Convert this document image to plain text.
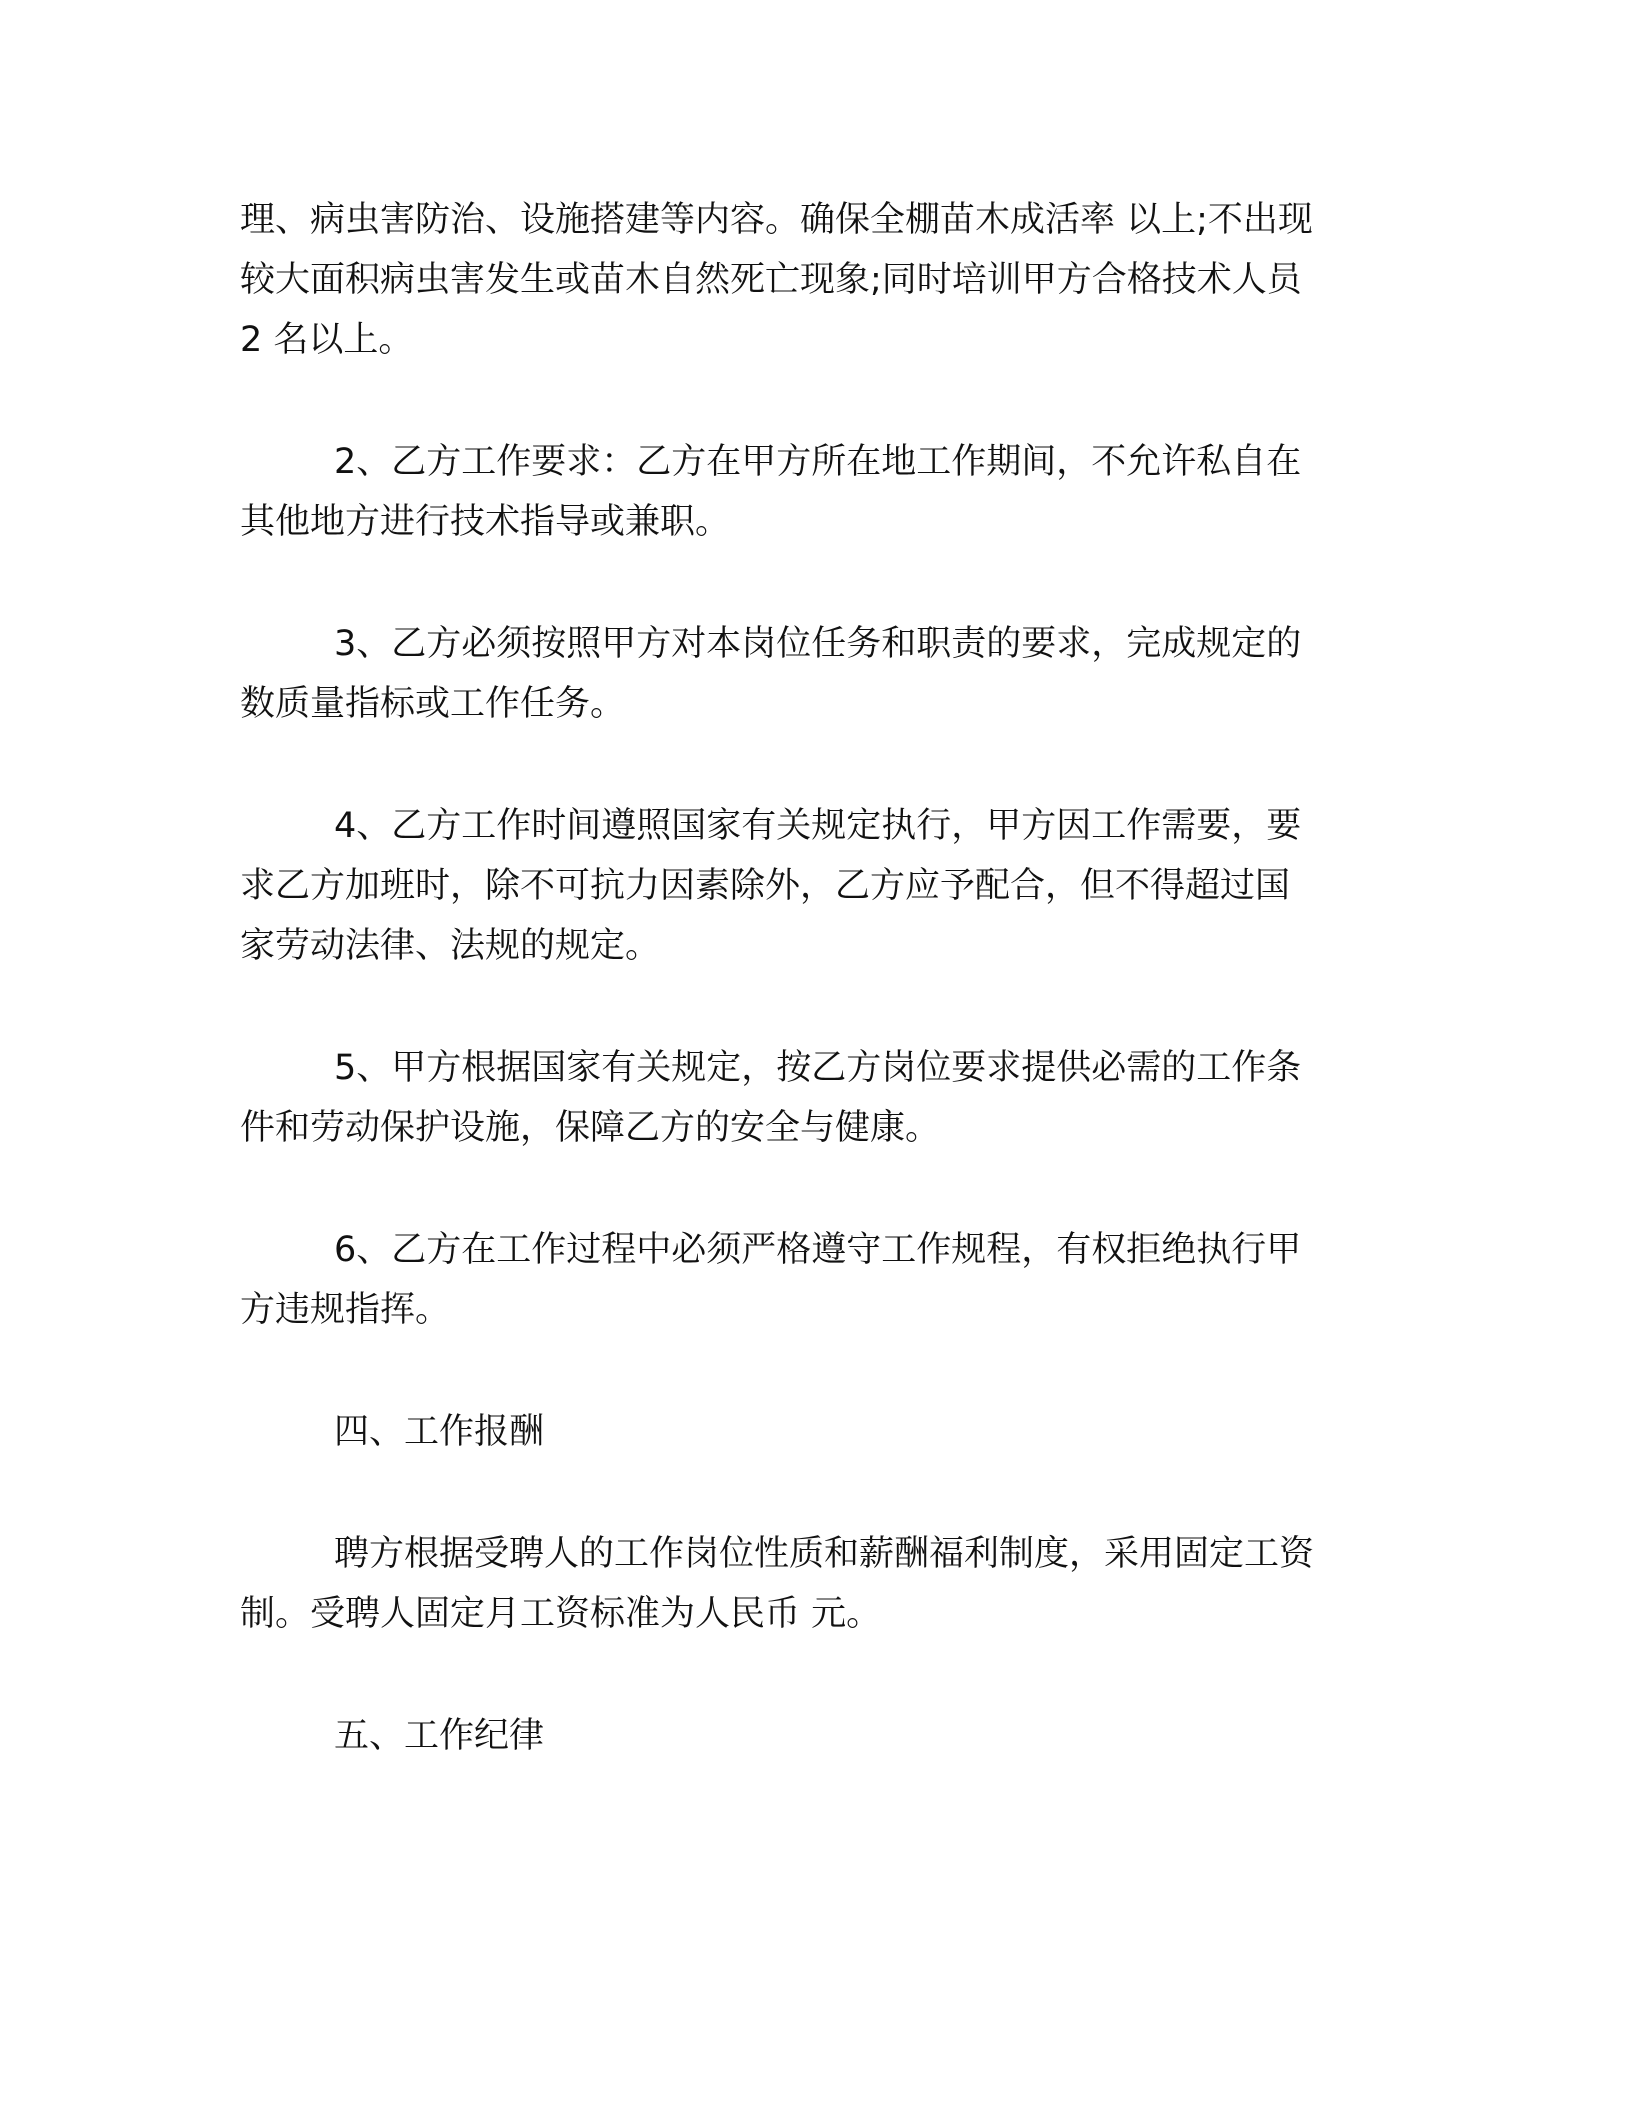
理、病虫害防治、设施搭建等内容。确保全棚苗木成活率 以上;不出现
较大面积病虫害发生或苗木自然死亡现象;同时培训甲方合格技术人员
2 名以上。
2、乙方工作要求：乙方在甲方所在地工作期间，不允许私自在
其他地方进行技术指导或兼职。
3、乙方必须按照甲方对本岗位任务和职责的要求，完成规定的
数质量指标或工作任务。
4、乙方工作时间遵照国家有关规定执行，甲方因工作需要，要
求乙方加班时，除不可抗力因素除外，乙方应予配合，但不得超过国
家劳动法律、法规的规定。
5、甲方根据国家有关规定，按乙方岗位要求提供必需的工作条
件和劳动保护设施，保障乙方的安全与健康。
6、乙方在工作过程中必须严格遵守工作规程，有权拒绝执行甲
方违规指挥。
四、工作报酬
聘方根据受聘人的工作岗位性质和薪酬福利制度，采用固定工资
制。受聘人固定月工资标准为人民币 元。
五、工作纪律
